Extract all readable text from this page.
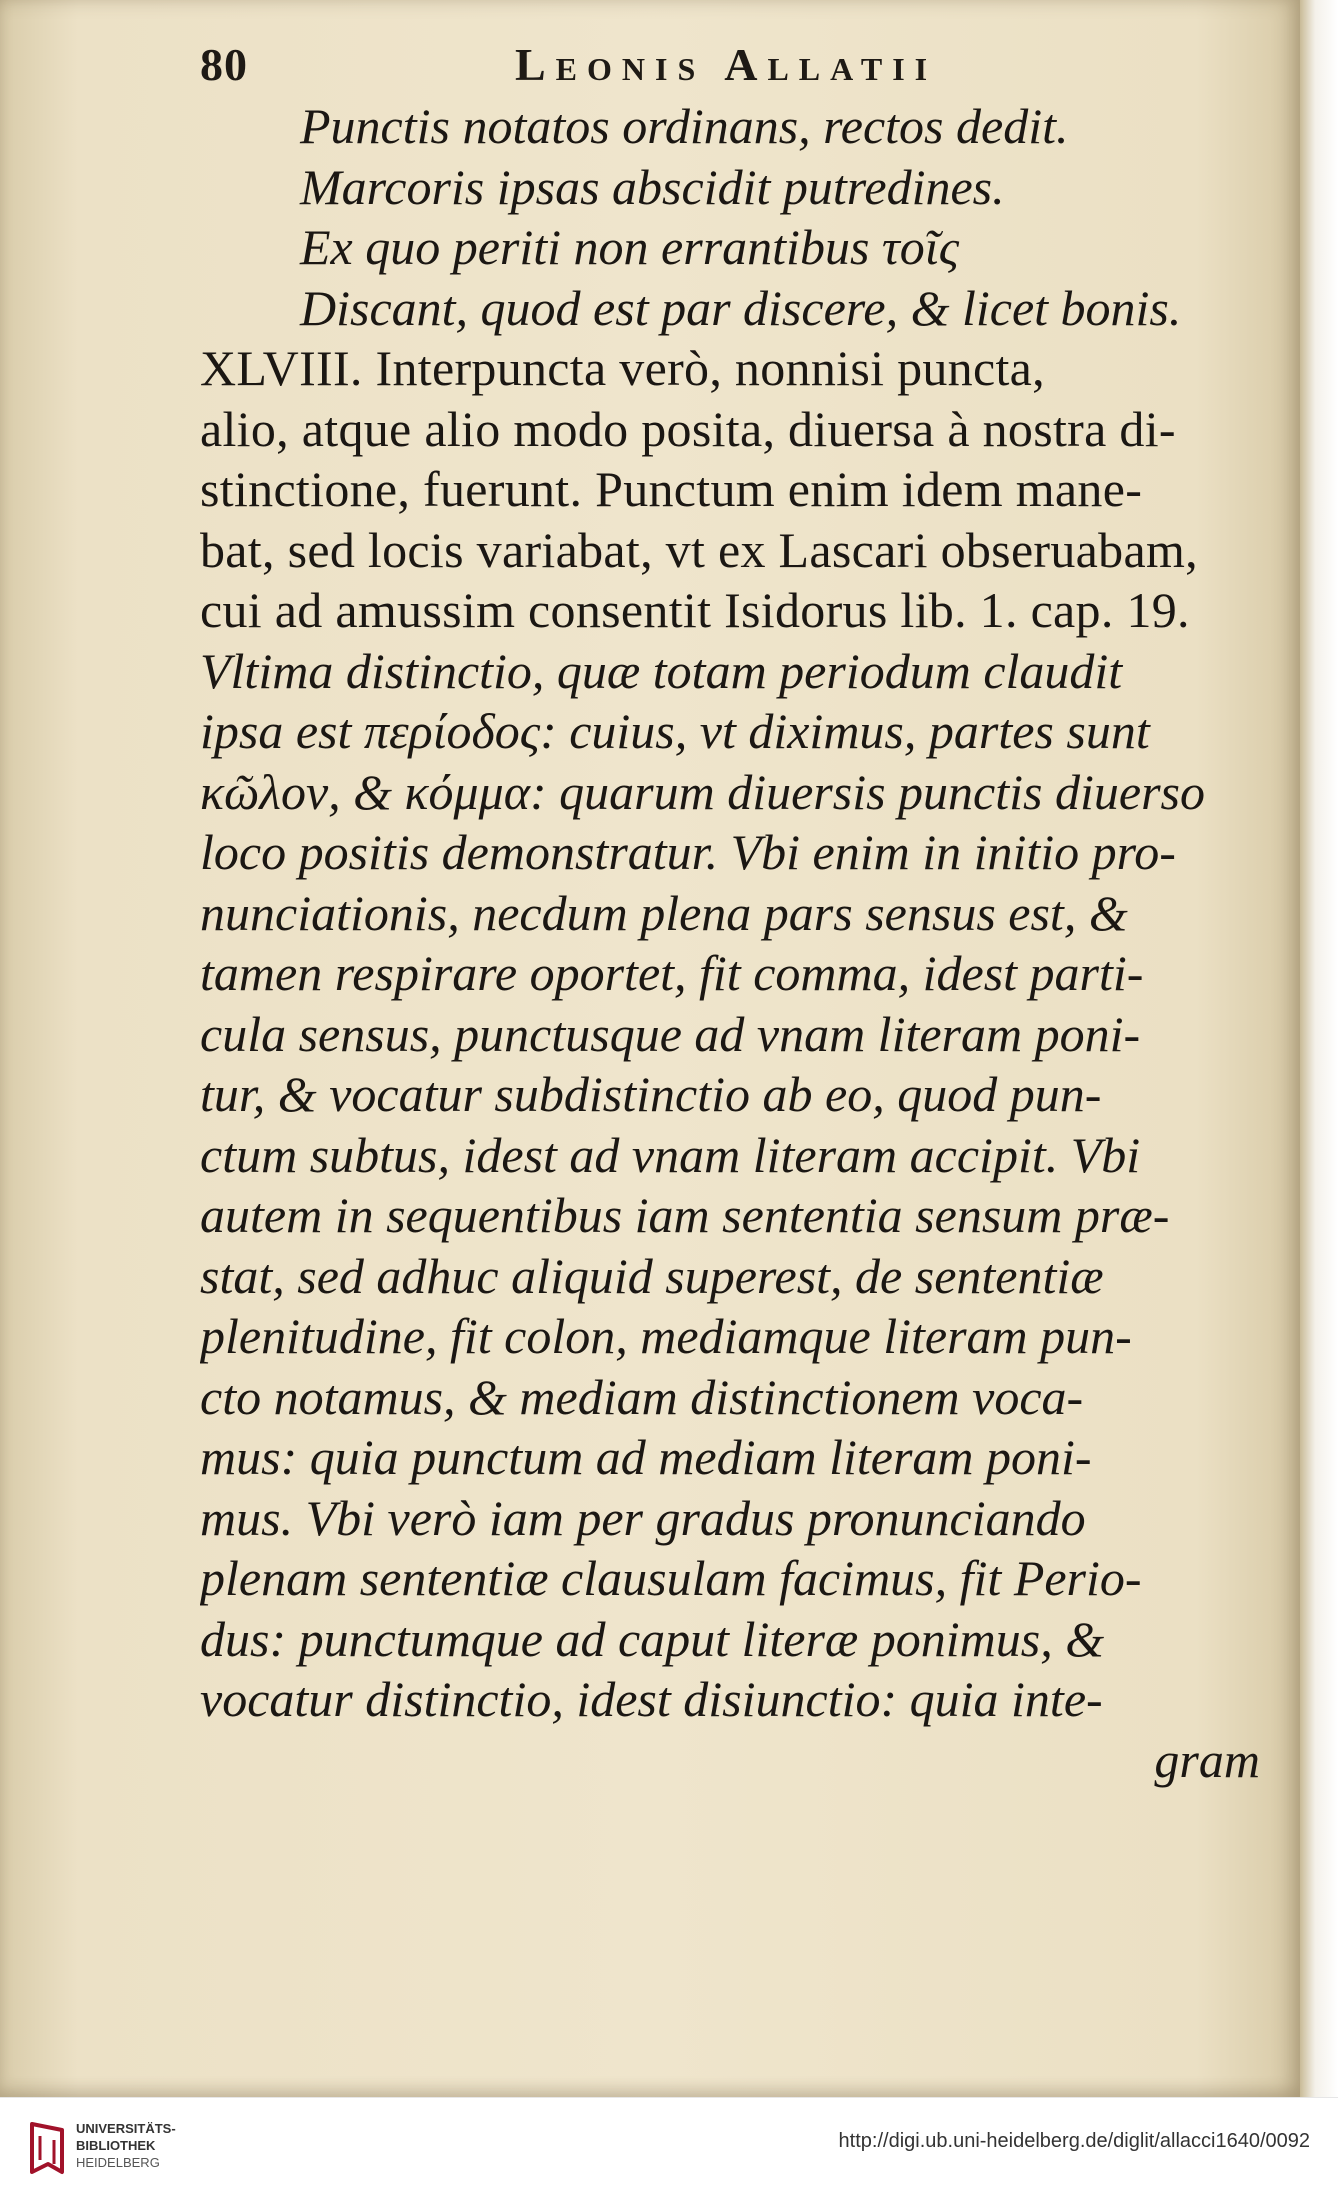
80	Leonis Allatii
Punctis notatos ordinans, rectos dedit.
Marcoris ipsas abscidit putredines.
Ex quo periti non errantibus τοῖς
Discant, quod est par discere, & licet bonis.
XLVIII. Interpuncta verò, nonnisi puncta,
alio, atque alio modo posita, diuersa à nostra di-
stinctione, fuerunt. Punctum enim idem mane-
bat, sed locis variabat, vt ex Lascari obseruabam,
cui ad amussim consentit Isidorus lib. 1. cap. 19.
Vltima distinctio, quæ totam periodum claudit
ipsa est περίοδος: cuius, vt diximus, partes sunt
κῶλον, & κόμμα: quarum diuersis punctis diuerso
loco positis demonstratur. Vbi enim in initio pro-
nunciationis, necdum plena pars sensus est, &
tamen respirare oportet, fit comma, idest parti-
cula sensus, punctusque ad vnam literam poni-
tur, & vocatur subdistinctio ab eo, quod pun-
ctum subtus, idest ad vnam literam accipit. Vbi
autem in sequentibus iam sententia sensum præ-
stat, sed adhuc aliquid superest, de sententiæ
plenitudine, fit colon, mediamque literam pun-
cto notamus, & mediam distinctionem voca-
mus: quia punctum ad mediam literam poni-
mus. Vbi verò iam per gradus pronunciando
plenam sententiæ clausulam facimus, fit Perio-
dus: punctumque ad caput literæ ponimus, &
vocatur distinctio, idest disiunctio: quia inte-
gram
UNIVERSITÄTS-
BIBLIOTHEK
HEIDELBERG
http://digi.ub.uni-heidelberg.de/diglit/allacci1640/0092
